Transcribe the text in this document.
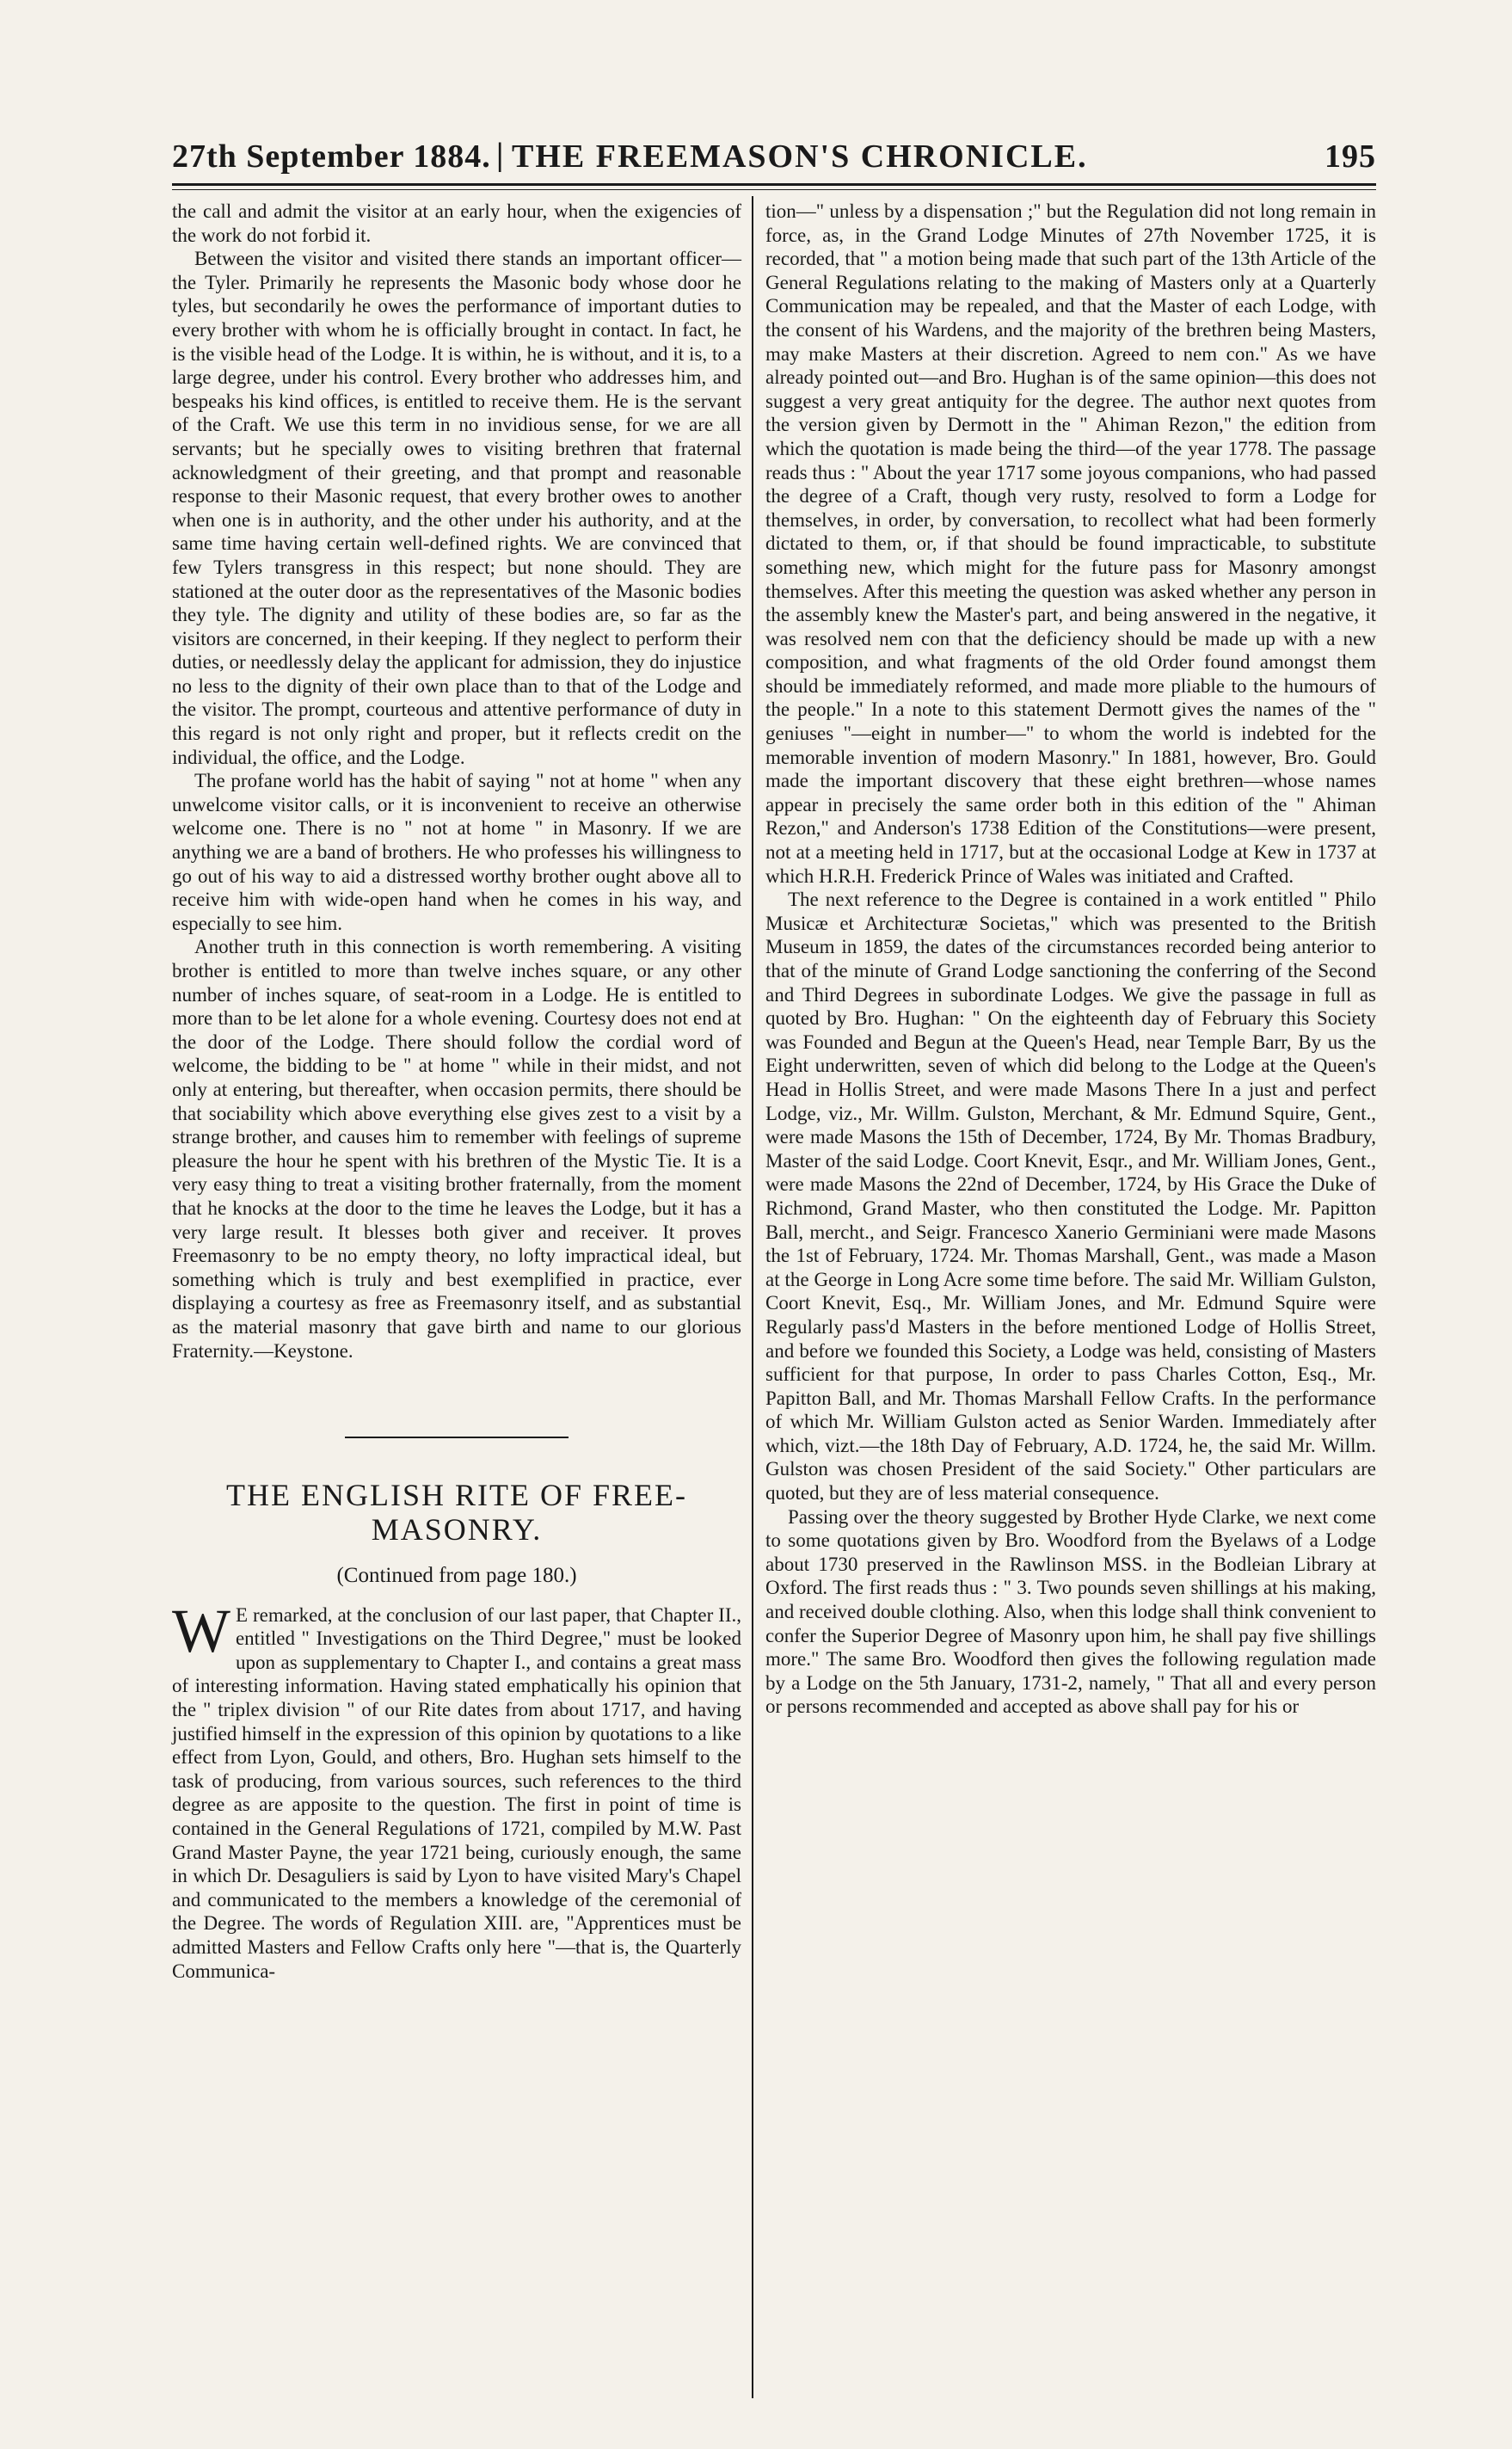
27th September 1884. | THE FREEMASON'S CHRONICLE.	195

the call and admit the visitor at an early hour, when the exigencies of the work do not forbid it.

Between the visitor and visited there stands an important officer—the Tyler. Primarily he represents the Masonic body whose door he tyles, but secondarily he owes the performance of important duties to every brother with whom he is officially brought in contact. In fact, he is the visible head of the Lodge. It is within, he is without, and it is, to a large degree, under his control. Every brother who addresses him, and bespeaks his kind offices, is entitled to receive them. He is the servant of the Craft. We use this term in no invidious sense, for we are all servants; but he specially owes to visiting brethren that fraternal acknowledgment of their greeting, and that prompt and reasonable response to their Masonic request, that every brother owes to another when one is in authority, and the other under his authority, and at the same time having certain well-defined rights. We are convinced that few Tylers transgress in this respect; but none should. They are stationed at the outer door as the representatives of the Masonic bodies they tyle. The dignity and utility of these bodies are, so far as the visitors are concerned, in their keeping. If they neglect to perform their duties, or needlessly delay the applicant for admission, they do injustice no less to the dignity of their own place than to that of the Lodge and the visitor. The prompt, courteous and attentive performance of duty in this regard is not only right and proper, but it reflects credit on the individual, the office, and the Lodge.

The profane world has the habit of saying " not at home " when any unwelcome visitor calls, or it is inconvenient to receive an otherwise welcome one. There is no " not at home " in Masonry. If we are anything we are a band of brothers. He who professes his willingness to go out of his way to aid a distressed worthy brother ought above all to receive him with wide-open hand when he comes in his way, and especially to see him.

Another truth in this connection is worth remembering. A visiting brother is entitled to more than twelve inches square, or any other number of inches square, of seat-room in a Lodge. He is entitled to more than to be let alone for a whole evening. Courtesy does not end at the door of the Lodge. There should follow the cordial word of welcome, the bidding to be " at home " while in their midst, and not only at entering, but thereafter, when occasion permits, there should be that sociability which above everything else gives zest to a visit by a strange brother, and causes him to remember with feelings of supreme pleasure the hour he spent with his brethren of the Mystic Tie. It is a very easy thing to treat a visiting brother fraternally, from the moment that he knocks at the door to the time he leaves the Lodge, but it has a very large result. It blesses both giver and receiver. It proves Freemasonry to be no empty theory, no lofty impractical ideal, but something which is truly and best exemplified in practice, ever displaying a courtesy as free as Freemasonry itself, and as substantial as the material masonry that gave birth and name to our glorious Fraternity.—Keystone.

THE ENGLISH RITE OF FREE-MASONRY.
(Continued from page 180.)

W E remarked, at the conclusion of our last paper, that Chapter II., entitled " Investigations on the Third Degree," must be looked upon as supplementary to Chapter I., and contains a great mass of interesting information. Having stated emphatically his opinion that the " triplex division " of our Rite dates from about 1717, and having justified himself in the expression of this opinion by quotations to a like effect from Lyon, Gould, and others, Bro. Hughan sets himself to the task of producing, from various sources, such references to the third degree as are apposite to the question. The first in point of time is contained in the General Regulations of 1721, compiled by M.W. Past Grand Master Payne, the year 1721 being, curiously enough, the same in which Dr. Desaguliers is said by Lyon to have visited Mary's Chapel and communicated to the members a knowledge of the ceremonial of the Degree. The words of Regulation XIII. are, "Apprentices must be admitted Masters and Fellow Crafts only here "—that is, the Quarterly Communica-

tion—" unless by a dispensation ;" but the Regulation did not long remain in force, as, in the Grand Lodge Minutes of 27th November 1725, it is recorded, that " a motion being made that such part of the 13th Article of the General Regulations relating to the making of Masters only at a Quarterly Communication may be repealed, and that the Master of each Lodge, with the consent of his Wardens, and the majority of the brethren being Masters, may make Masters at their discretion. Agreed to nem con." As we have already pointed out—and Bro. Hughan is of the same opinion—this does not suggest a very great antiquity for the degree. The author next quotes from the version given by Dermott in the " Ahiman Rezon," the edition from which the quotation is made being the third—of the year 1778. The passage reads thus : " About the year 1717 some joyous companions, who had passed the degree of a Craft, though very rusty, resolved to form a Lodge for themselves, in order, by conversation, to recollect what had been formerly dictated to them, or, if that should be found impracticable, to substitute something new, which might for the future pass for Masonry amongst themselves. After this meeting the question was asked whether any person in the assembly knew the Master's part, and being answered in the negative, it was resolved nem con that the deficiency should be made up with a new composition, and what fragments of the old Order found amongst them should be immediately reformed, and made more pliable to the humours of the people." In a note to this statement Dermott gives the names of the " geniuses "—eight in number—" to whom the world is indebted for the memorable invention of modern Masonry." In 1881, however, Bro. Gould made the important discovery that these eight brethren—whose names appear in precisely the same order both in this edition of the " Ahiman Rezon," and Anderson's 1738 Edition of the Constitutions—were present, not at a meeting held in 1717, but at the occasional Lodge at Kew in 1737 at which H.R.H. Frederick Prince of Wales was initiated and Crafted.

The next reference to the Degree is contained in a work entitled " Philo Musicæ et Architecturæ Societas," which was presented to the British Museum in 1859, the dates of the circumstances recorded being anterior to that of the minute of Grand Lodge sanctioning the conferring of the Second and Third Degrees in subordinate Lodges. We give the passage in full as quoted by Bro. Hughan: " On the eighteenth day of February this Society was Founded and Begun at the Queen's Head, near Temple Barr, By us the Eight underwritten, seven of which did belong to the Lodge at the Queen's Head in Hollis Street, and were made Masons There In a just and perfect Lodge, viz., Mr. Willm. Gulston, Merchant, & Mr. Edmund Squire, Gent., were made Masons the 15th of December, 1724, By Mr. Thomas Bradbury, Master of the said Lodge. Coort Knevit, Esqr., and Mr. William Jones, Gent., were made Masons the 22nd of December, 1724, by His Grace the Duke of Richmond, Grand Master, who then constituted the Lodge. Mr. Papitton Ball, mercht., and Seigr. Francesco Xanerio Germiniani were made Masons the 1st of February, 1724. Mr. Thomas Marshall, Gent., was made a Mason at the George in Long Acre some time before. The said Mr. William Gulston, Coort Knevit, Esq., Mr. William Jones, and Mr. Edmund Squire were Regularly pass'd Masters in the before mentioned Lodge of Hollis Street, and before we founded this Society, a Lodge was held, consisting of Masters sufficient for that purpose, In order to pass Charles Cotton, Esq., Mr. Papitton Ball, and Mr. Thomas Marshall Fellow Crafts. In the performance of which Mr. William Gulston acted as Senior Warden. Immediately after which, vizt.—the 18th Day of February, A.D. 1724, he, the said Mr. Willm. Gulston was chosen President of the said Society." Other particulars are quoted, but they are of less material consequence.

Passing over the theory suggested by Brother Hyde Clarke, we next come to some quotations given by Bro. Woodford from the Byelaws of a Lodge about 1730 preserved in the Rawlinson MSS. in the Bodleian Library at Oxford. The first reads thus : " 3. Two pounds seven shillings at his making, and received double clothing. Also, when this lodge shall think convenient to confer the Superior Degree of Masonry upon him, he shall pay five shillings more." The same Bro. Woodford then gives the following regulation made by a Lodge on the 5th January, 1731-2, namely, " That all and every person or persons recommended and accepted as above shall pay for his or
